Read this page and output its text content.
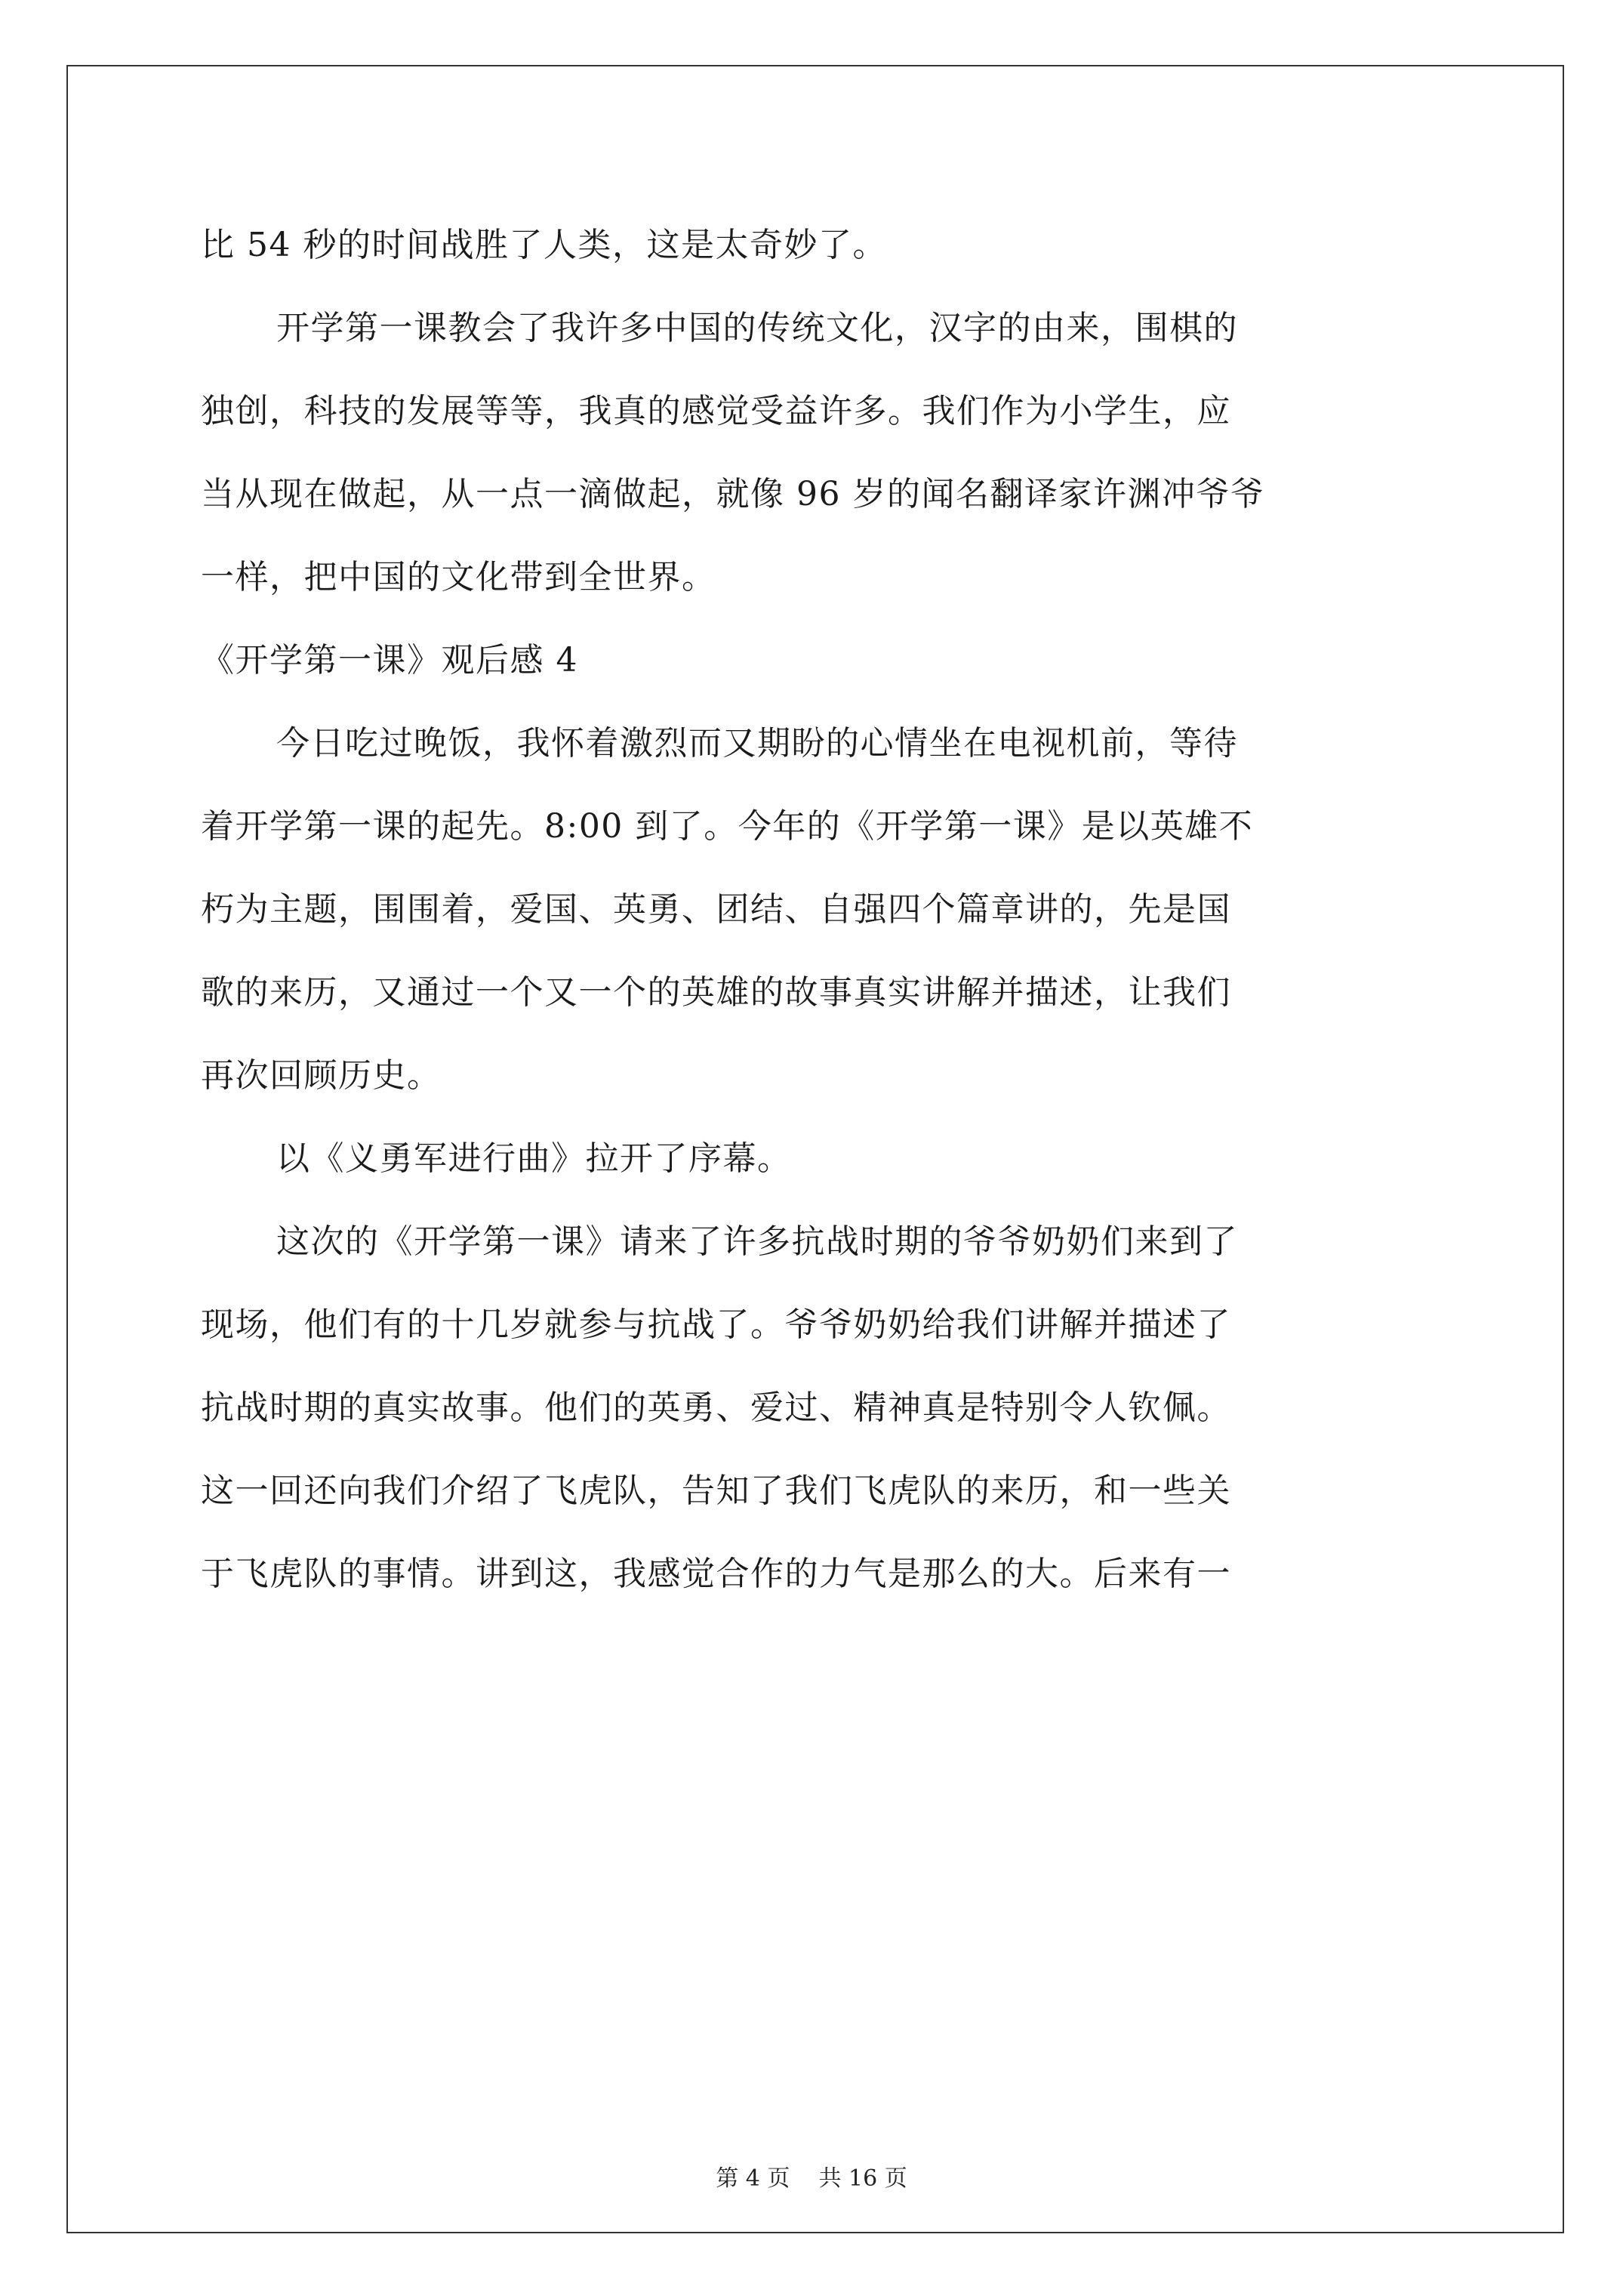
比 54 秒的时间战胜了人类，这是太奇妙了。
开学第一课教会了我许多中国的传统文化，汉字的由来，围棋的
独创，科技的发展等等，我真的感觉受益许多。我们作为小学生，应
当从现在做起，从一点一滴做起，就像 96 岁的闻名翻译家许渊冲爷爷
一样，把中国的文化带到全世界。
《开学第一课》观后感 4
今日吃过晚饭，我怀着激烈而又期盼的心情坐在电视机前，等待
着开学第一课的起先。8:00 到了。今年的《开学第一课》是以英雄不
朽为主题，围围着，爱国、英勇、团结、自强四个篇章讲的，先是国
歌的来历，又通过一个又一个的英雄的故事真实讲解并描述，让我们
再次回顾历史。
以《义勇军进行曲》拉开了序幕。
这次的《开学第一课》请来了许多抗战时期的爷爷奶奶们来到了
现场，他们有的十几岁就参与抗战了。爷爷奶奶给我们讲解并描述了
抗战时期的真实故事。他们的英勇、爱过、精神真是特别令人钦佩。
这一回还向我们介绍了飞虎队，告知了我们飞虎队的来历，和一些关
于飞虎队的事情。讲到这，我感觉合作的力气是那么的大。后来有一
第 4 页    共 16 页
